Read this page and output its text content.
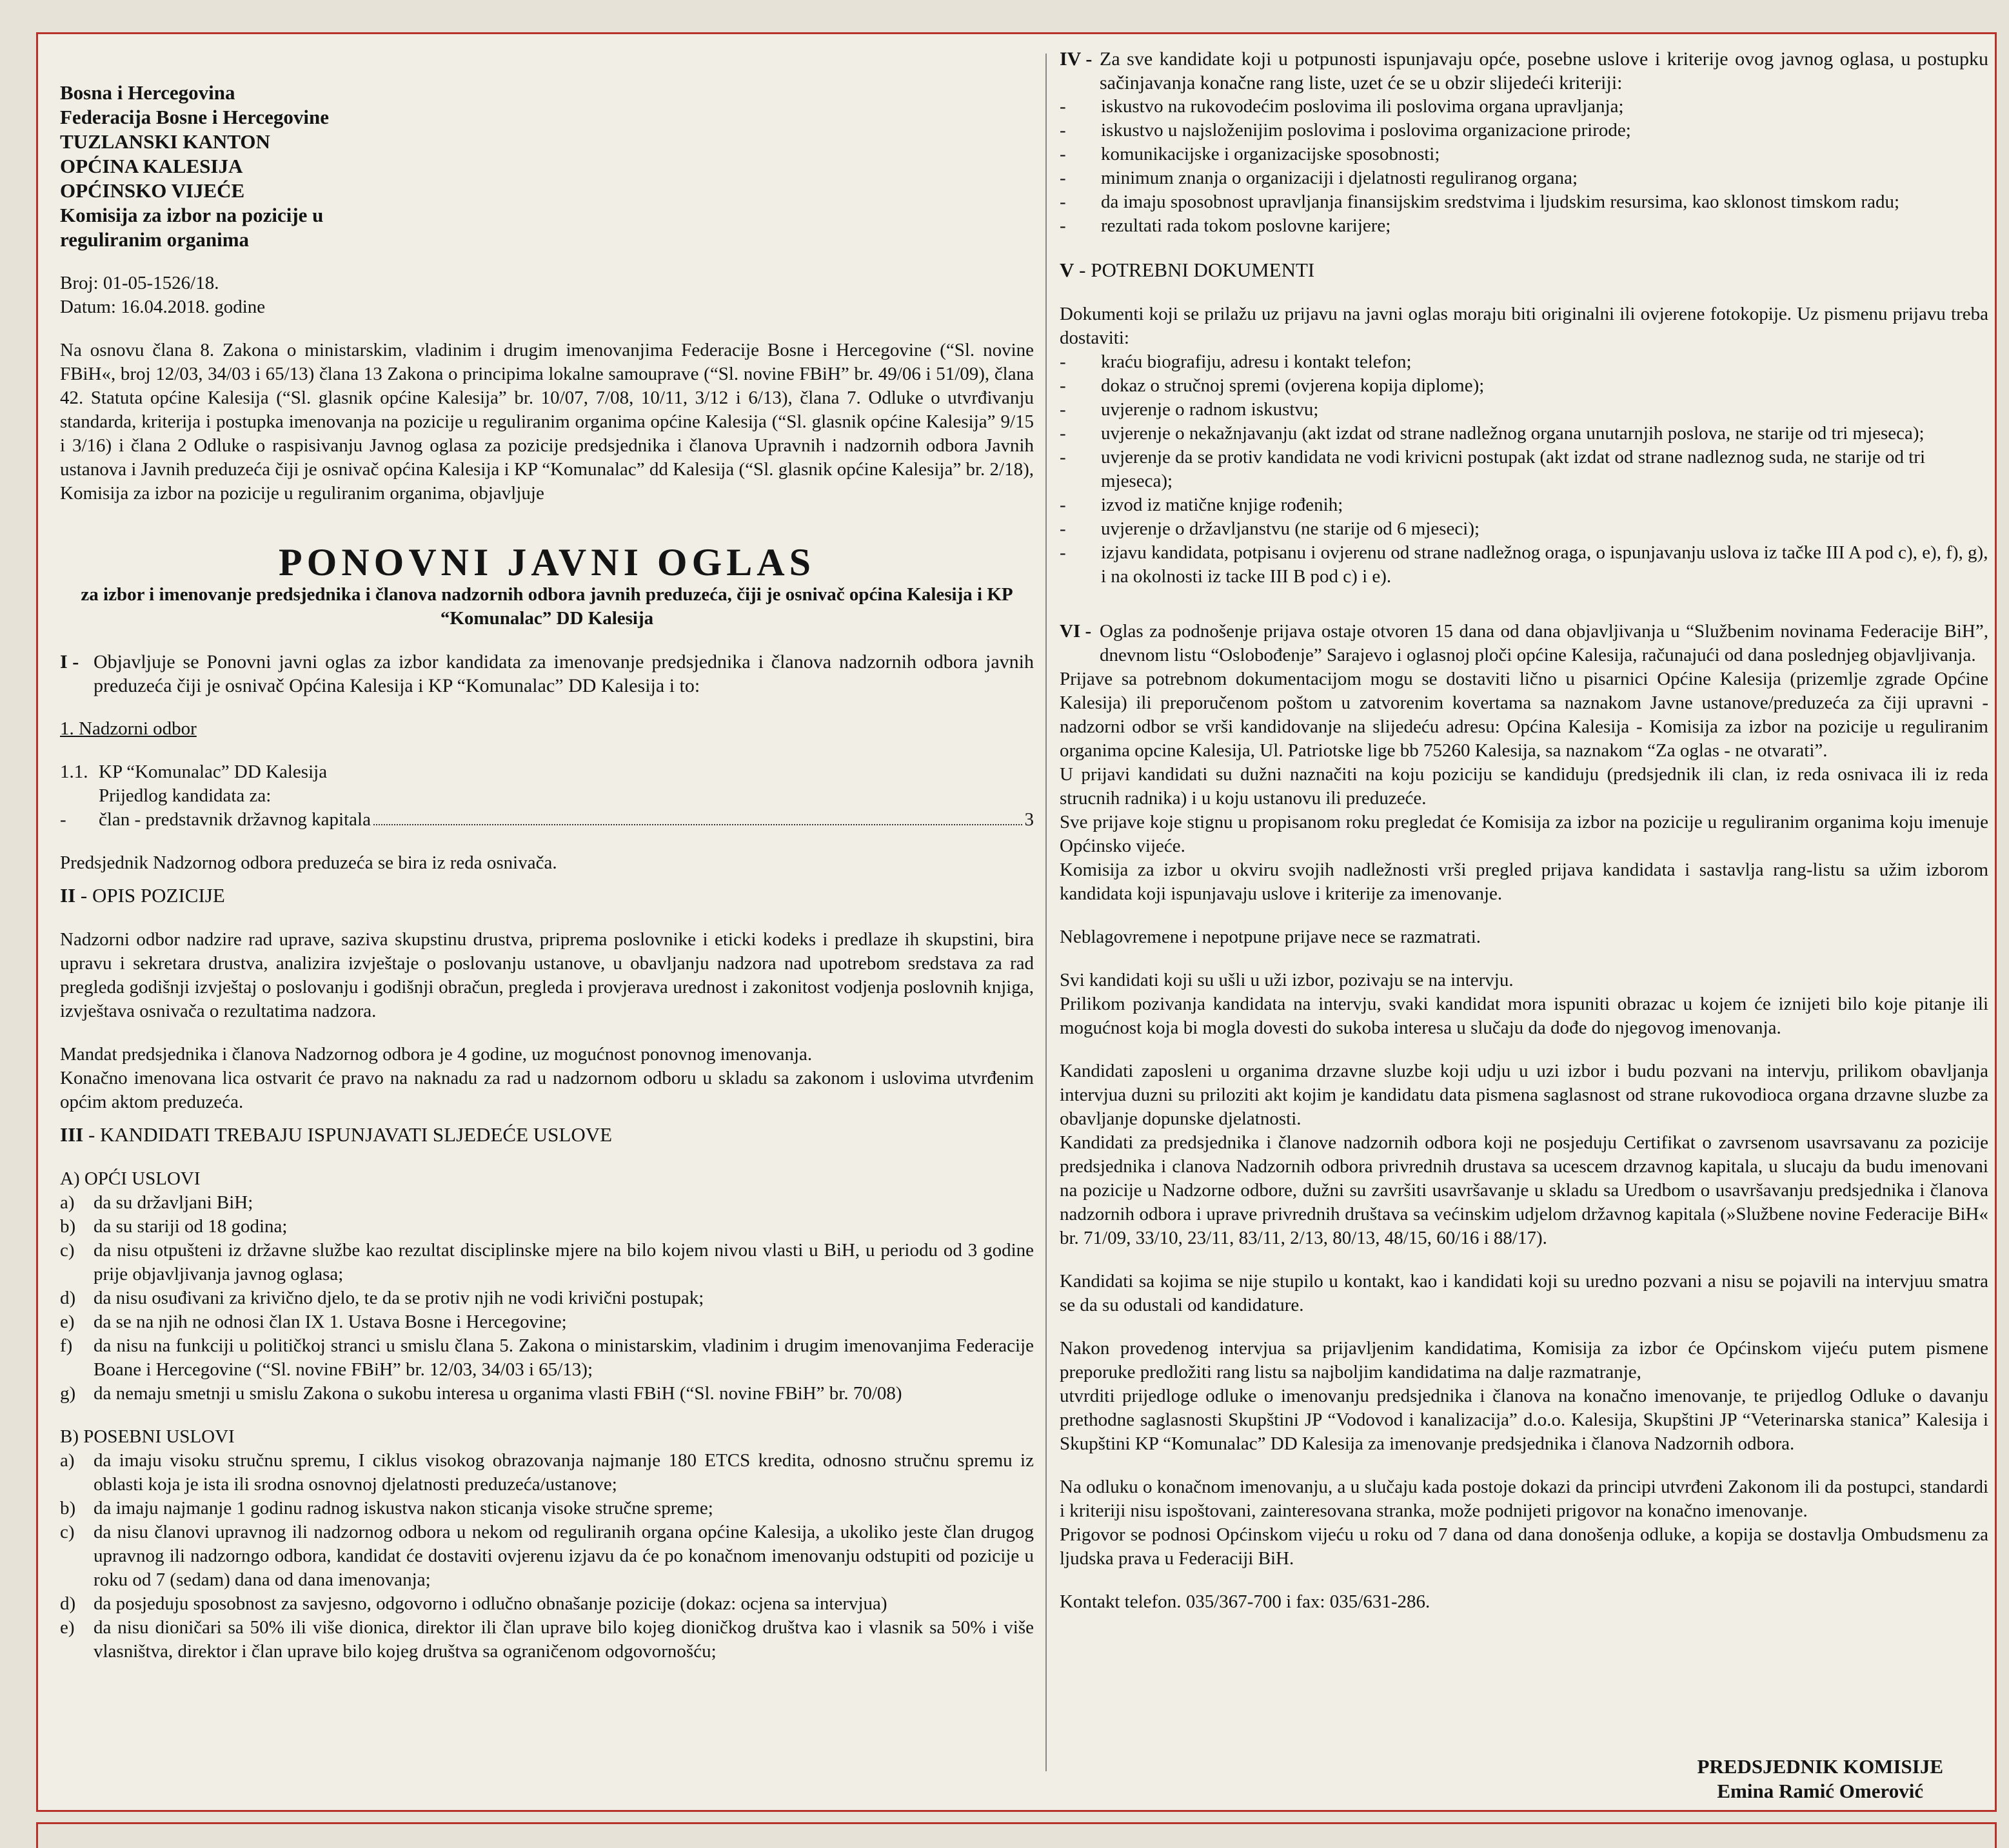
Bosna i Hercegovina
Federacija Bosne i Hercegovine
TUZLANSKI KANTON
OPĆINA KALESIJA
OPĆINSKO VIJEĆE
Komisija za izbor na pozicije u
reguliranim organima

Broj: 01-05-1526/18.

Datum: 16.04.2018. godine

Na osnovu člana 8. Zakona o ministarskim, vladinim i drugim imenovanjima Federacije Bosne i Hercegovine (“Sl. novine FBiH«, broj 12/03, 34/03 i 65/13) člana 13 Zakona o principima lokalne samouprave (“Sl. novine FBiH” br. 49/06 i 51/09), člana 42. Statuta općine Kalesija (“Sl. glasnik općine Kalesija” br. 10/07, 7/08, 10/11, 3/12 i 6/13), člana 7. Odluke o utvrđivanju standarda, kriterija i postupka imenovanja na pozicije u reguliranim organima općine Kalesija (“Sl. glasnik općine Kalesija” 9/15 i 3/16) i člana 2 Odluke o raspisivanju Javnog oglasa za pozicije predsjednika i članova Upravnih i nadzornih odbora Javnih ustanova i Javnih preduzeća čiji je osnivač općina Kalesija i KP “Komunalac” dd Kalesija (“Sl. glasnik općine Kalesija” br. 2/18), Komisija za izbor na pozicije u reguliranim organima, objavljuje

PONOVNI JAVNI OGLAS
za izbor i imenovanje predsjednika i članova nadzornih odbora javnih preduzeća, čiji je osnivač općina Kalesija i KP “Komunalac” DD Kalesija
I - Objavljuje se Ponovni javni oglas za izbor kandidata za imenovanje predsjednika i članova nadzornih odbora javnih preduzeća čiji je osnivač Općina Kalesija i KP “Komunalac” DD Kalesija i to:

1. Nadzorni odbor

1.1. KP “Komunalac” DD Kalesija

Prijedlog kandidata za:

-	član - predstavnik državnog kapitala	3

Predsjednik Nadzornog odbora preduzeća se bira iz reda osnivača.

II - OPIS POZICIJE

Nadzorni odbor nadzire rad uprave, saziva skupstinu drustva, priprema poslovnike i eticki kodeks i predlaze ih skupstini, bira upravu i sekretara drustva, analizira izvještaje o poslovanju ustanove, u obavljanju nadzora nad upotrebom sredstava za rad pregleda godišnji izvještaj o poslovanju i godišnji obračun, pregleda i provjerava urednost i zakonitost vodjenja poslovnih knjiga, izvještava osnivača o rezultatima nadzora.

Mandat predsjednika i članova Nadzornog odbora je 4 godine, uz mogućnost ponovnog imenovanja.

Konačno imenovana lica ostvarit će pravo na naknadu za rad u nadzornom odboru u skladu sa zakonom i uslovima utvrđenim općim aktom preduzeća.

III - KANDIDATI TREBAJU ISPUNJAVATI SLJEDEĆE USLOVE

A) OPĆI USLOVI

a)	da su državljani BiH;
b) da su stariji od 18 godina;
c)	da nisu otpušteni iz državne službe kao rezultat disciplinske mjere na bilo kojem nivou vlasti u BiH, u periodu od 3 godine prije objavljivanja javnog oglasa;
d) da nisu osuđivani za krivično djelo, te da se protiv njih ne vodi krivični postupak;
e)	da se na njih ne odnosi član IX 1. Ustava Bosne i Hercegovine;
f)	da nisu na funkciji u političkoj stranci u smislu člana 5. Zakona o ministarskim, vladinim i drugim imenovanjima Federacije Boane i Hercegovine (“Sl. novine FBiH” br. 12/03, 34/03 i 65/13);
g) da nemaju smetnji u smislu Zakona o sukobu interesa u organima vlasti FBiH (“Sl. novine FBiH” br. 70/08)

B) POSEBNI USLOVI

a)	da imaju visoku stručnu spremu, I ciklus visokog obrazovanja najmanje 180 ETCS kredita, odnosno stručnu spremu iz oblasti koja je ista ili srodna osnovnoj djelatnosti preduzeća/ustanove;
b) da imaju najmanje 1 godinu radnog iskustva nakon sticanja visoke stručne spreme;
c)	da nisu članovi upravnog ili nadzornog odbora u nekom od reguliranih organa općine Kalesija, a ukoliko jeste član drugog upravnog ili nadzorngo odbora, kandidat će dostaviti ovjerenu izjavu da će po konačnom imenovanju odstupiti od pozicije u roku od 7 (sedam) dana od dana imenovanja;
d) da posjeduju sposobnost za savjesno, odgovorno i odlučno obnašanje pozicije (dokaz: ocjena sa intervjua)
e)	da nisu dioničari sa 50% ili više dionica, direktor ili član uprave bilo kojeg dioničkog društva kao i vlasnik sa 50% i više vlasništva, direktor i član uprave bilo kojeg društva sa ograničenom odgovornošću;
IV - Za sve kandidate koji u potpunosti ispunjavaju opće, posebne uslove i kriterije ovog javnog oglasa, u postupku sačinjavanja konačne rang liste, uzet će se u obzir slijedeći kriteriji:
-	iskustvo na rukovodećim poslovima ili poslovima organa upravljanja;
-	iskustvo u najsloženijim poslovima i poslovima organizacione prirode;
-	komunikacijske i organizacijske sposobnosti;
-	minimum znanja o organizaciji i djelatnosti reguliranog organa;
-	da imaju sposobnost upravljanja finansijskim sredstvima i ljudskim resursima, kao sklonost timskom radu;
-	rezultati rada tokom poslovne karijere;
V - POTREBNI DOKUMENTI

Dokumenti koji se prilažu uz prijavu na javni oglas moraju biti originalni ili ovjerene fotokopije. Uz pismenu prijavu treba dostaviti:

-	kraću biografiju, adresu i kontakt telefon;
-	dokaz o stručnoj spremi (ovjerena kopija diplome);
-	uvjerenje o radnom iskustvu;
-	uvjerenje o nekažnjavanju (akt izdat od strane nadležnog organa unutarnjih poslova, ne starije od tri mjeseca);
-	uvjerenje da se protiv kandidata ne vodi krivicni postupak (akt izdat od strane nadleznog suda, ne starije od tri mjeseca);
-	izvod iz matične knjige rođenih;
-	uvjerenje o državljanstvu (ne starije od 6 mjeseci);
-	izjavu kandidata, potpisanu i ovjerenu od strane nadležnog oraga, o ispunjavanju uslova iz tačke III A pod c), e), f), g), i na okolnosti iz tacke III B pod c) i e).
VI - Oglas za podnošenje prijava ostaje otvoren 15 dana od dana objavljivanja u “Službenim novinama Federacije BiH”, dnevnom listu “Oslobođenje” Sarajevo i oglasnoj ploči općine Kalesija, računajući od dana poslednjeg objavljivanja.

Prijave sa potrebnom dokumentacijom mogu se dostaviti lično u pisarnici Općine Kalesija (prizemlje zgrade Općine Kalesija) ili preporučenom poštom u zatvorenim kovertama sa naznakom Javne ustanove/preduzeća za čiji upravni - nadzorni odbor se vrši kandidovanje na slijedeću adresu: Općina Kalesija - Komisija za izbor na pozicije u reguliranim organima opcine Kalesija, Ul. Patriotske lige bb 75260 Kalesija, sa naznakom “Za oglas - ne otvarati”.

U prijavi kandidati su dužni naznačiti na koju poziciju se kandiduju (predsjednik ili clan, iz reda osnivaca ili iz reda strucnih radnika) i u koju ustanovu ili preduzeće.

Sve prijave koje stignu u propisanom roku pregledat će Komisija za izbor na pozicije u reguliranim organima koju imenuje Općinsko vijeće.

Komisija za izbor u okviru svojih nadležnosti vrši pregled prijava kandidata i sastavlja rang-listu sa užim izborom kandidata koji ispunjavaju uslove i kriterije za imenovanje.

Neblagovremene i nepotpune prijave nece se razmatrati.

Svi kandidati koji su ušli u uži izbor, pozivaju se na intervju.

Prilikom pozivanja kandidata na intervju, svaki kandidat mora ispuniti obrazac u kojem će iznijeti bilo koje pitanje ili mogućnost koja bi mogla dovesti do sukoba interesa u slučaju da dođe do njegovog imenovanja.

Kandidati zaposleni u organima drzavne sluzbe koji udju u uzi izbor i budu pozvani na intervju, prilikom obavljanja intervjua duzni su priloziti akt kojim je kandidatu data pismena saglasnost od strane rukovodioca organa drzavne sluzbe za obavljanje dopunske djelatnosti.

Kandidati za predsjednika i članove nadzornih odbora koji ne posjeduju Certifikat o zavrsenom usavrsavanu za pozicije predsjednika i clanova Nadzornih odbora privrednih drustava sa ucescem drzavnog kapitala, u slucaju da budu imenovani na pozicije u Nadzorne odbore, dužni su završiti usavršavanje u skladu sa Uredbom o usavršavanju predsjednika i članova nadzornih odbora i uprave privrednih društava sa većinskim udjelom državnog kapitala (»Službene novine Federacije BiH« br. 71/09, 33/10, 23/11, 83/11, 2/13, 80/13, 48/15, 60/16 i 88/17).

Kandidati sa kojima se nije stupilo u kontakt, kao i kandidati koji su uredno pozvani a nisu se pojavili na intervjuu smatra se da su odustali od kandidature.

Nakon provedenog intervjua sa prijavljenim kandidatima, Komisija za izbor će Općinskom vijeću putem pismene preporuke predložiti rang listu sa najboljim kandidatima na dalje razmatranje,

utvrditi prijedloge odluke o imenovanju predsjednika i članova na konačno imenovanje, te prijedlog Odluke o davanju prethodne saglasnosti Skupštini JP “Vodovod i kanalizacija” d.o.o. Kalesija, Skupštini JP “Veterinarska stanica” Kalesija i Skupštini KP “Komunalac” DD Kalesija za imenovanje predsjednika i članova Nadzornih odbora.

Na odluku o konačnom imenovanju, a u slučaju kada postoje dokazi da principi utvrđeni Zakonom ili da postupci, standardi i kriteriji nisu ispoštovani, zainteresovana stranka, može podnijeti prigovor na konačno imenovanje.

Prigovor se podnosi Općinskom vijeću u roku od 7 dana od dana donošenja odluke, a kopija se dostavlja Ombudsmenu za ljudska prava u Federaciji BiH.

Kontakt telefon. 035/367-700 i fax: 035/631-286.

PREDSJEDNIK KOMISIJE
Emina Ramić Omerović
